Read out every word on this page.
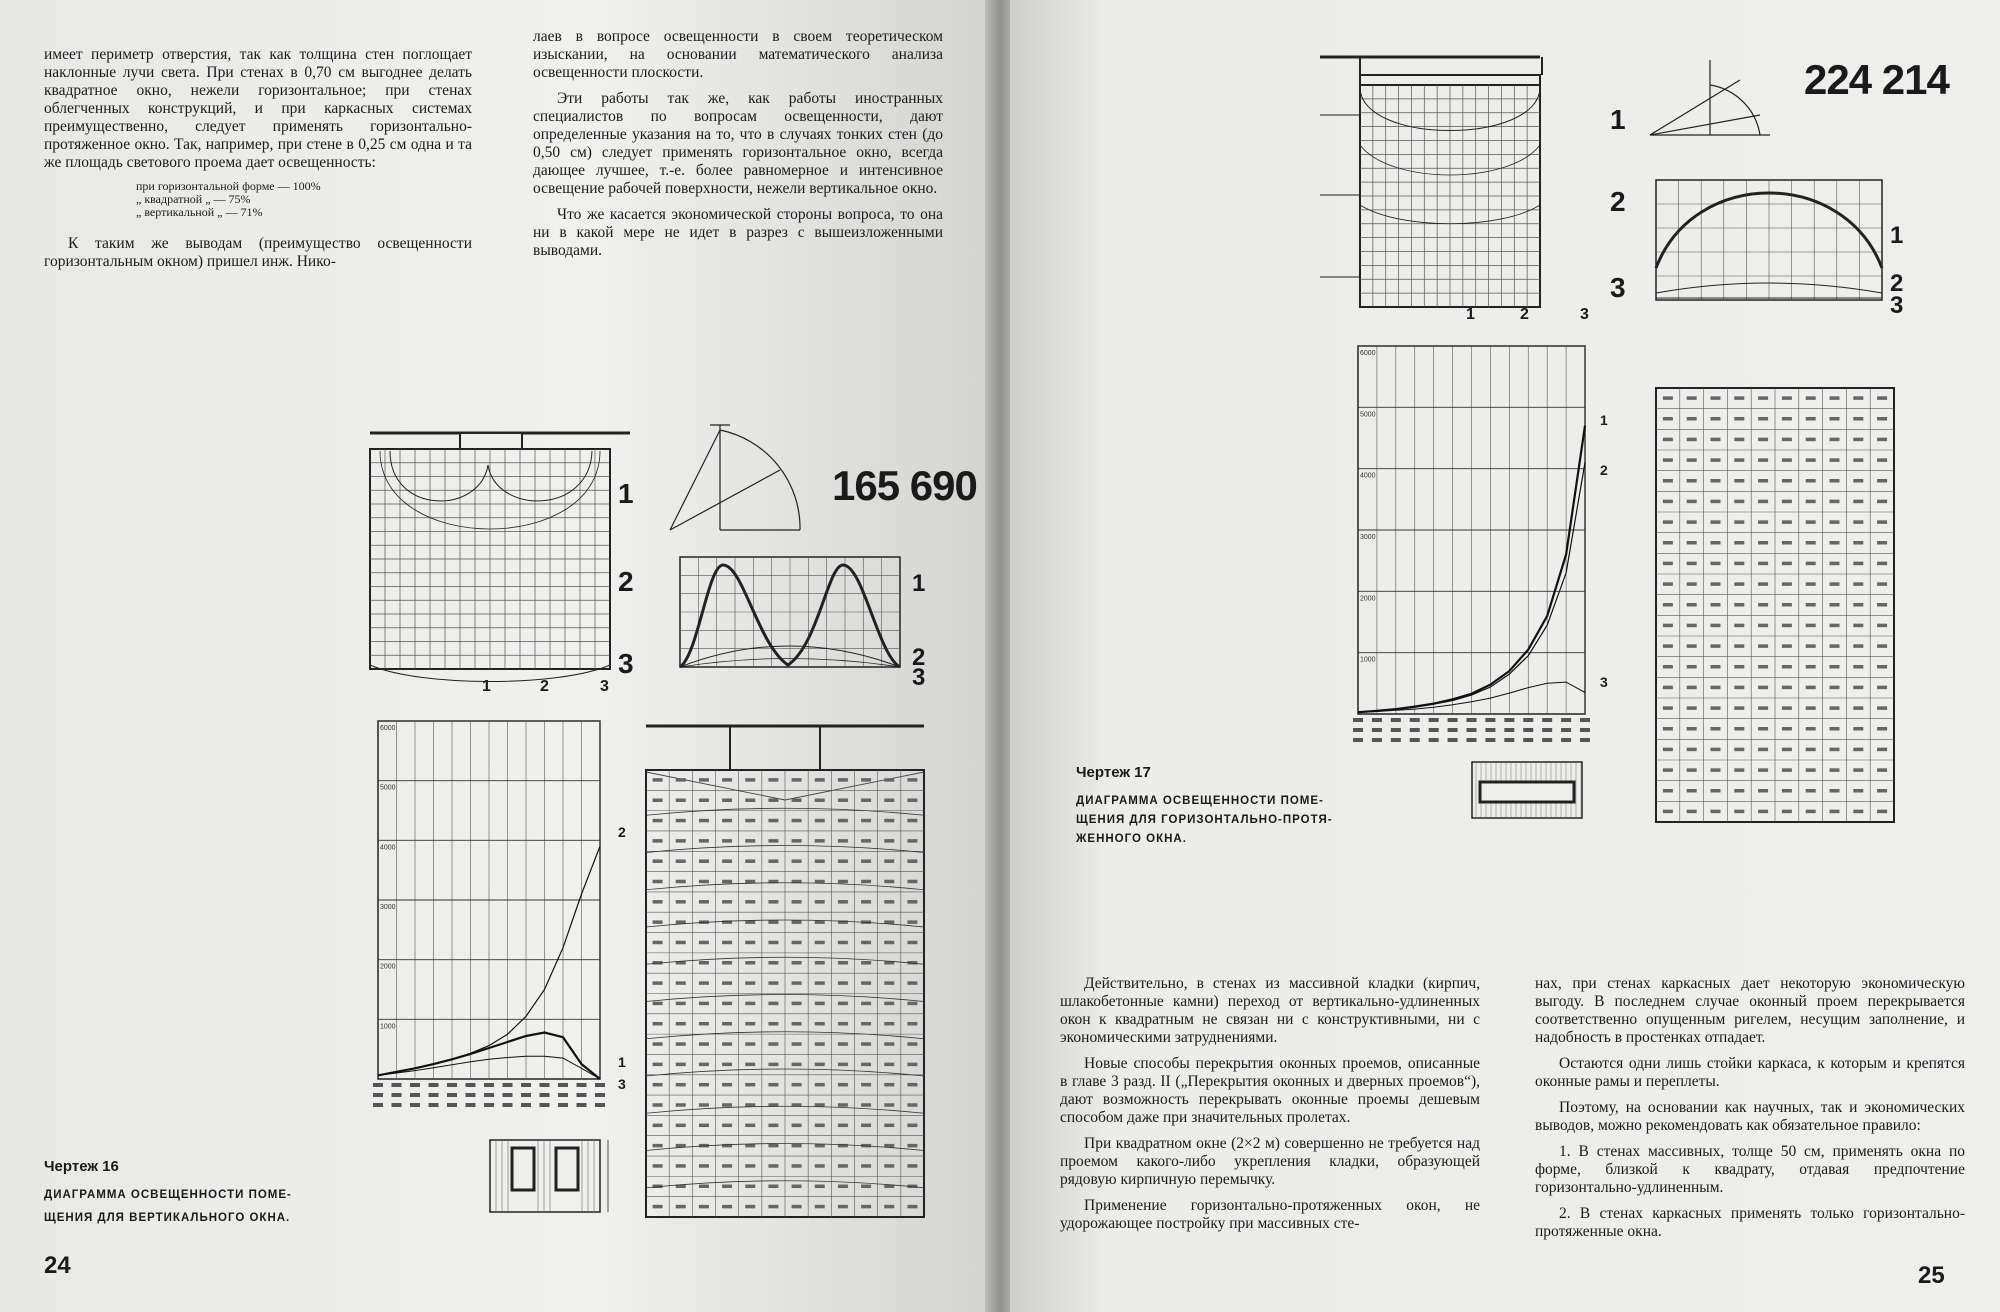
имеет периметр отверстия, так как толщина стен поглощает наклонные лучи света. При стенах в 0,70 см выгоднее делать квадратное окно, нежели горизонтальное; при стенах облегченных конструкций, и при каркасных системах преимущественно, следует применять горизонтально-протяженное окно. Так, например, при стене в 0,25 см одна и та же площадь светового проема дает освещенность:

при горизонтальной форме — 100%
„ квадратной „ — 75%
„ вертикальной „ — 71%

К таким же выводам (преимущество освещенности горизонтальным окном) пришел инж. Нико-

лаев в вопросе освещенности в своем теоретическом изыскании, на основании математического анализа освещенности плоскости.

Эти работы так же, как работы иностранных специалистов по вопросам освещенности, дают определенные указания на то, что в случаях тонких стен (до 0,50 см) следует применять горизонтальное окно, всегда дающее лучшее, т.-е. более равномерное и интенсивное освещение рабочей поверхности, нежели вертикальное окно.

Что же касается экономической стороны вопроса, то она ни в какой мере не идет в разрез с вышеизложенными выводами.

1
2
3
1	2	3
165 690
1
2
3
1000
2000
3000
4000
5000
6000
2
1
3
Чертеж 16
ДИАГРАММА ОСВЕЩЕННОСТИ ПОМЕ-
ЩЕНИЯ ДЛЯ ВЕРТИКАЛЬНОГО ОКНА.
24
1
2
3
1	2	3
224 214
1
2
3
1000
2000
3000
4000
5000
6000
1
2
3
Чертеж 17
ДИАГРАММА ОСВЕЩЕННОСТИ ПОМЕ-
ЩЕНИЯ ДЛЯ ГОРИЗОНТАЛЬНО-ПРОТЯ-
ЖЕННОГО ОКНА.

Действительно, в стенах из массивной кладки (кирпич, шлакобетонные камни) переход от вертикально-удлиненных окон к квадратным не связан ни с конструктивными, ни с экономическими затруднениями.

Новые способы перекрытия оконных проемов, описанные в главе 3 разд. II („Перекрытия оконных и дверных проемов“), дают возможность перекрывать оконные проемы дешевым способом даже при значительных пролетах.

При квадратном окне (2×2 м) совершенно не требуется над проемом какого-либо укрепления кладки, образующей рядовую кирпичную перемычку.

Применение горизонтально-протяженных окон, не удорожающее постройку при массивных сте-

нах, при стенах каркасных дает некоторую экономическую выгоду. В последнем случае оконный проем перекрывается соответственно опущенным ригелем, несущим заполнение, и надобность в простенках отпадает.

Остаются одни лишь стойки каркаса, к которым и крепятся оконные рамы и переплеты.

Поэтому, на основании как научных, так и экономических выводов, можно рекомендовать как обязательное правило:

1. В стенах массивных, толще 50 см, применять окна по форме, близкой к квадрату, отдавая предпочтение горизонтально-удлиненным.

2. В стенах каркасных применять только горизонтально-протяженные окна.

25
